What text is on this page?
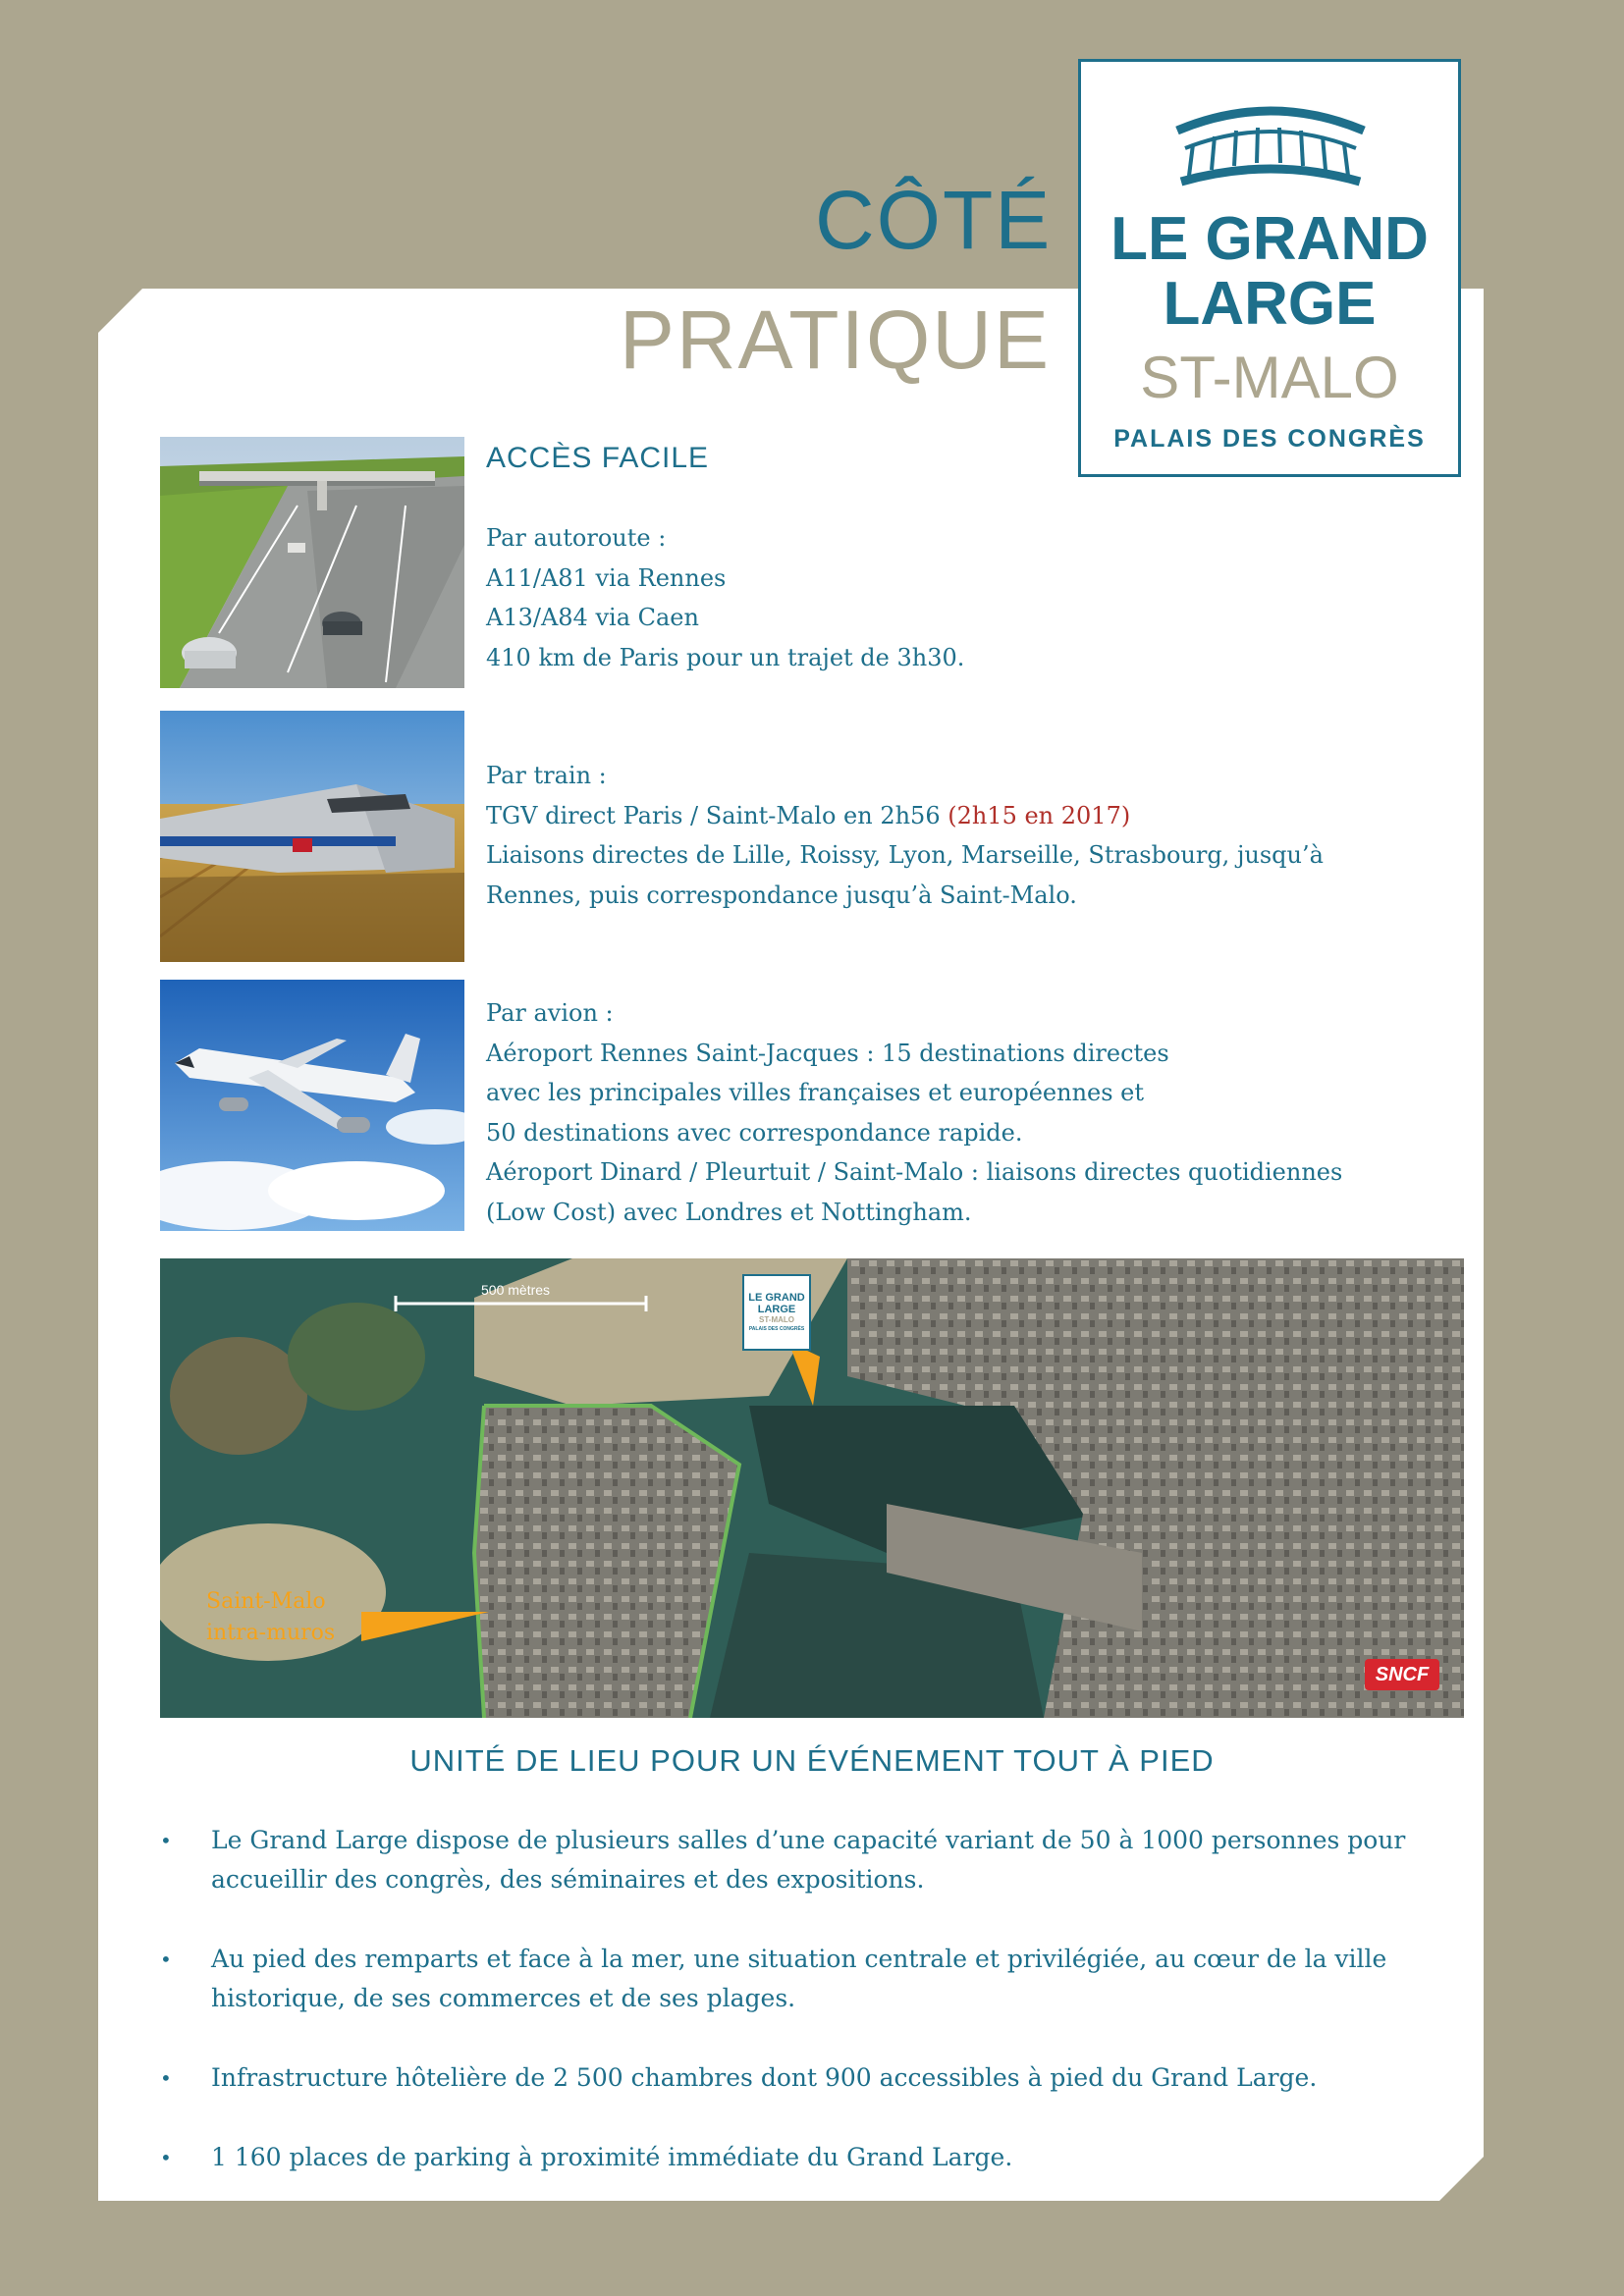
CÔTÉ
PRATIQUE
LE GRAND
LARGE
ST-MALO
PALAIS DES CONGRÈS
ACCÈS FACILE
Par autoroute :
A11/A81 via Rennes
A13/A84 via Caen
410 km de Paris pour un trajet de 3h30.
Par train :
TGV direct Paris / Saint-Malo en 2h56 (2h15 en 2017)
Liaisons directes de Lille, Roissy, Lyon, Marseille, Strasbourg, jusqu’à
Rennes, puis correspondance jusqu’à Saint-Malo.
Par avion :
Aéroport Rennes Saint-Jacques : 15 destinations directes
avec les principales villes françaises et européennes et
50 destinations avec correspondance rapide.
Aéroport Dinard / Pleurtuit / Saint-Malo : liaisons directes quotidiennes
(Low Cost) avec Londres et Nottingham.
500 mètres	LE GRAND
LARGE
ST-MALO
PALAIS DES CONGRÈS
Saint-Malo
intra-muros
SNCF
UNITÉ DE LIEU POUR UN ÉVÉNEMENT TOUT À PIED
• Le Grand Large dispose de plusieurs salles d’une capacité variant de 50 à 1000 personnes pour
accueillir des congrès, des séminaires et des expositions.
• Au pied des remparts et face à la mer, une situation centrale et privilégiée, au cœur de la ville
historique, de ses commerces et de ses plages.
• Infrastructure hôtelière de 2 500 chambres dont 900 accessibles à pied du Grand Large.
• 1 160 places de parking à proximité immédiate du Grand Large.
